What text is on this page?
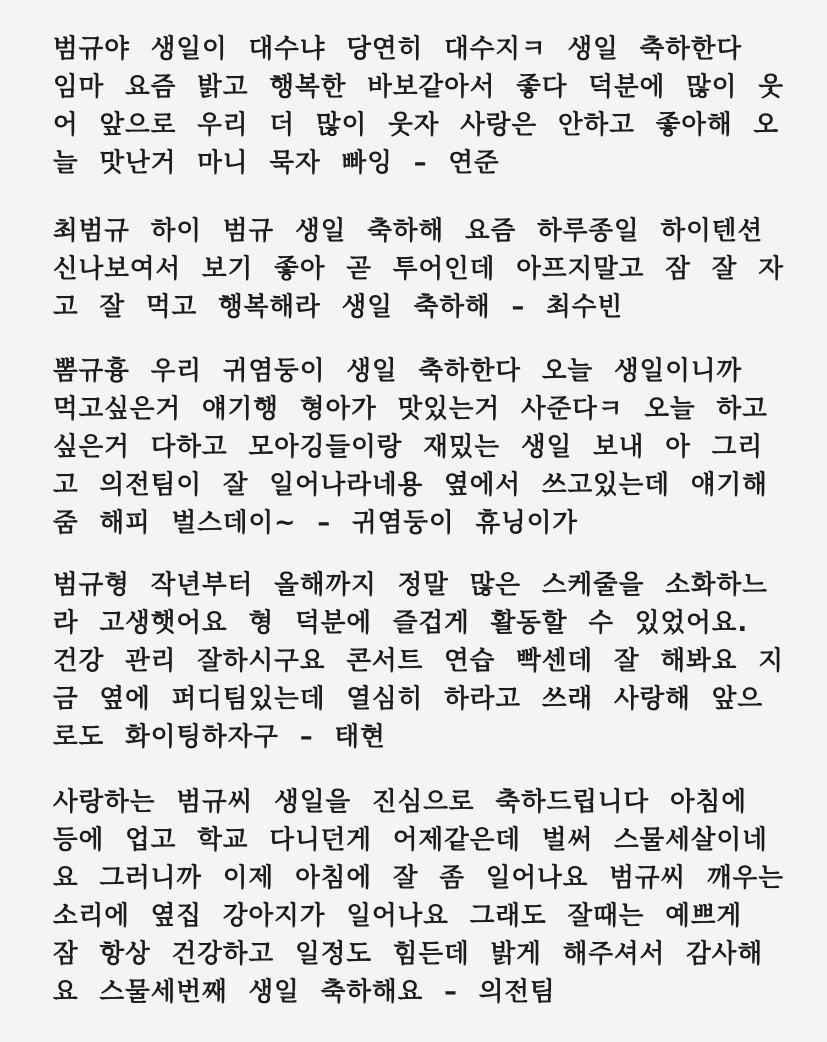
범규야 생일이 대수냐 당연히 대수지ㅋ 생일 축하한다
임마 요즘 밝고 행복한 바보같아서 좋다 덕분에 많이 웃
어 앞으로 우리 더 많이 웃자 사랑은 안하고 좋아해 오
늘 맛난거 마니 묵자 빠잉 – 연준
최범규 하이 범규 생일 축하해 요즘 하루종일 하이텐션
신나보여서 보기 좋아 곧 투어인데 아프지말고 잠 잘 자
고 잘 먹고 행복해라 생일 축하해 – 최수빈
뽐규흉 우리 귀염둥이 생일 축하한다 오늘 생일이니까
먹고싶은거 얘기행 형아가 맛있는거 사준다ㅋ 오늘 하고
싶은거 다하고 모아깅들이랑 재밌는 생일 보내 아 그리
고 의전팀이 잘 일어나라네용 옆에서 쓰고있는데 얘기해
줌 해피 벌스데이~ – 귀염둥이 휴닝이가
범규형 작년부터 올해까지 정말 많은 스케줄을 소화하느
라 고생햇어요 형 덕분에 즐겁게 활동할 수 있었어요.
건강 관리 잘하시구요 콘서트 연습 빡센데 잘 해봐요 지
금 옆에 퍼디팀있는데 열심히 하라고 쓰래 사랑해 앞으
로도 화이팅하자구 – 태현
사랑하는 범규씨 생일을 진심으로 축하드립니다 아침에
등에 업고 학교 다니던게 어제같은데 벌써 스물세살이네
요 그러니까 이제 아침에 잘 좀 일어나요 범규씨 깨우는
소리에 옆집 강아지가 일어나요 그래도 잘때는 예쁘게
잠 항상 건강하고 일정도 힘든데 밝게 해주셔서 감사해
요 스물세번째 생일 축하해요 – 의전팀
